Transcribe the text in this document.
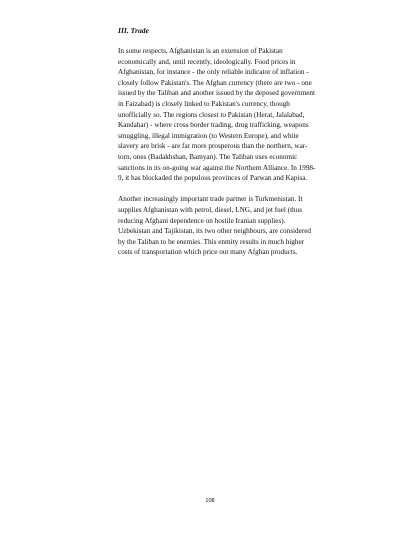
III. Trade

In some respects, Afghanistan is an extension of Pakistan economically and, until recently, ideologically. Food prices in Afghanistan, for instance - the only reliable indicator of inflation - closely follow Pakistan's. The Afghan currency (there are two - one issued by the Taliban and another issued by the deposed government in Faizabad) is closely linked to Pakistan's currency, though unofficially so. The regions closest to Pakistan (Herat, Jalalabad, Kandahar) - where cross border trading, drug trafficking, weapons smuggling, illegal immigration (to Western Europe), and white slavery are brisk - are far more prosperous than the northern, war-torn, ones (Badakhshan, Bamyan). The Taliban uses economic sanctions in its on-going war against the Northern Alliance. In 1998-9, it has blockaded the populous provinces of Parwan and Kapisa.

Another increasingly important trade partner is Turkmenistan. It supplies Afghanistan with petrol, diesel, LNG, and jet fuel (thus reducing Afghani dependence on hostile Iranian supplies). Uzbekistan and Tajikistan, its two other neighbours, are considered by the Taliban to be enemies. This enmity results in much higher costs of transportation which price out many Afghan products.

108
